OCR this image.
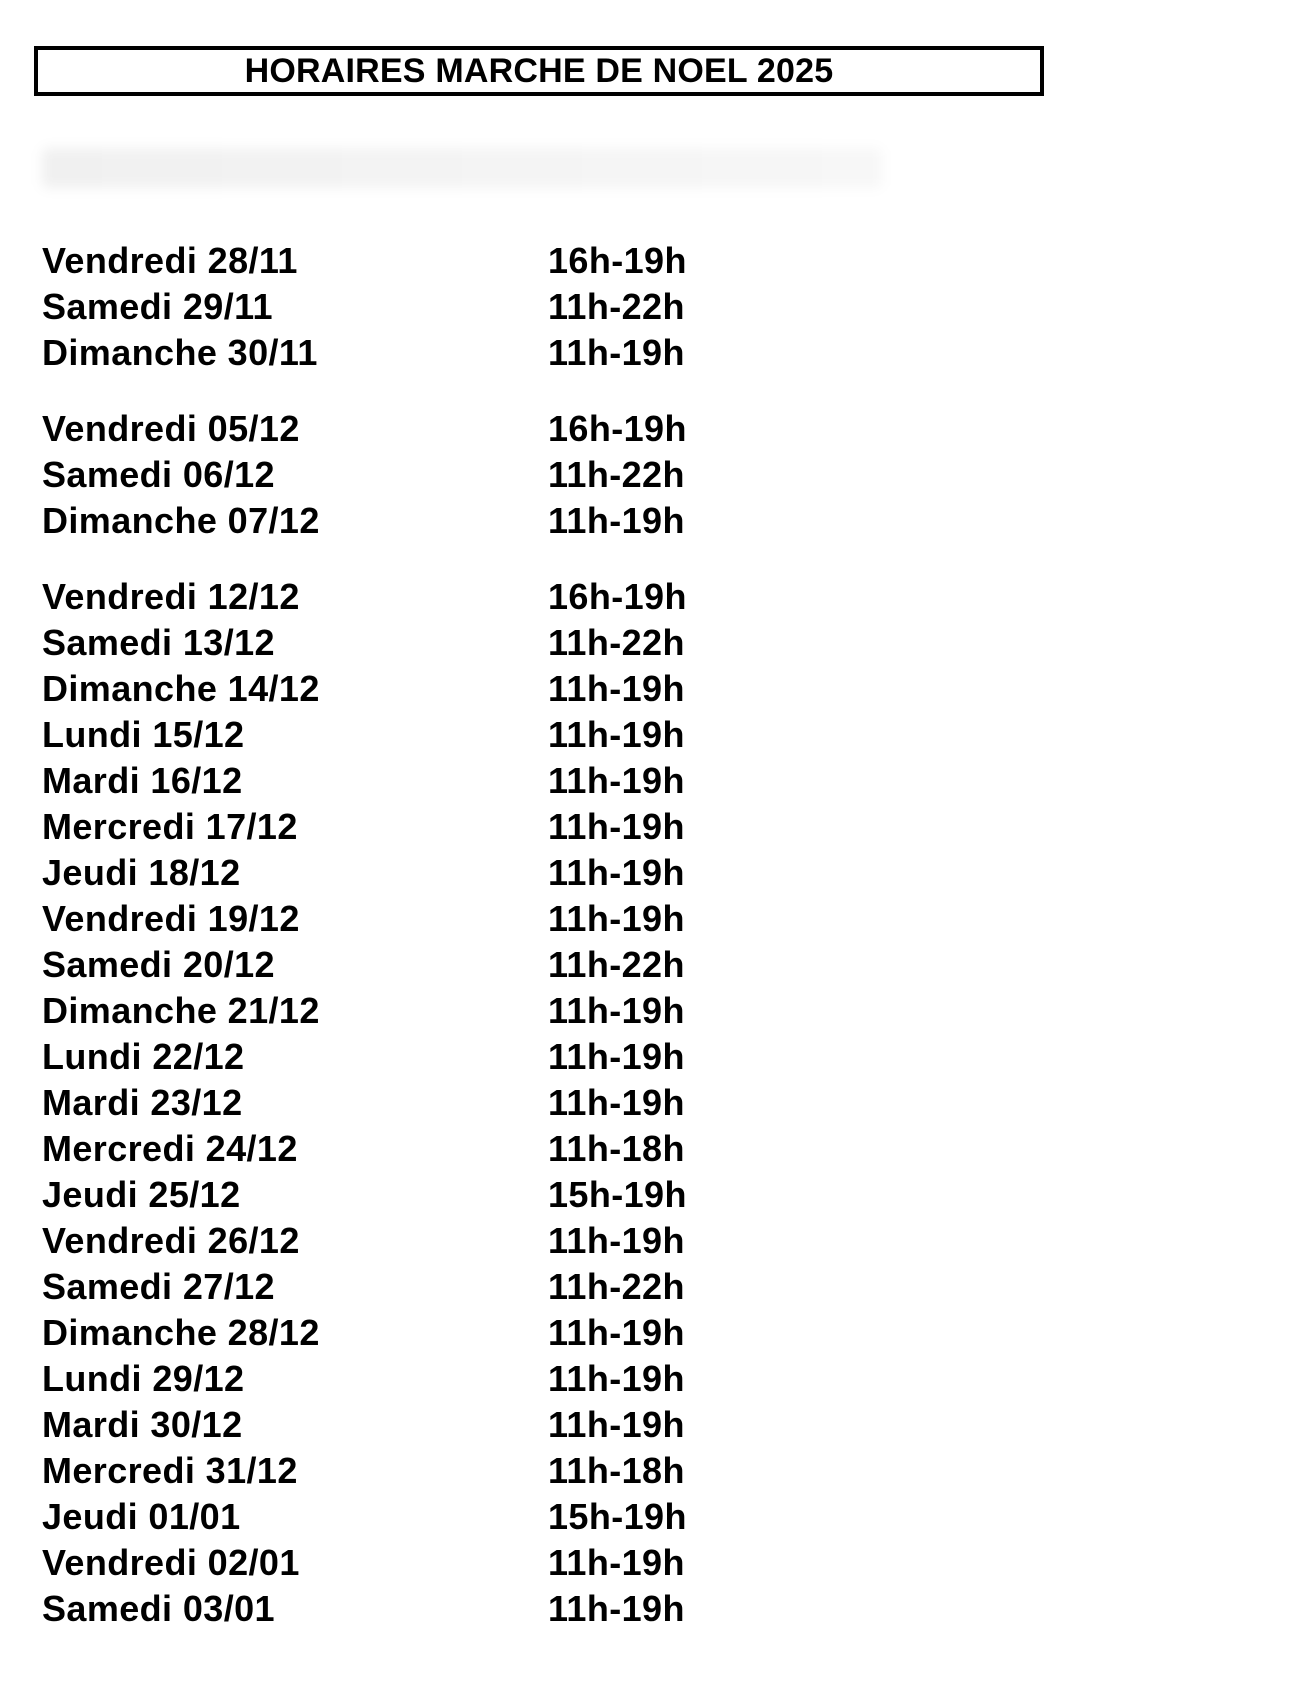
HORAIRES MARCHE DE NOEL 2025
Vendredi 28/11	16h-19h
Samedi 29/11	11h-22h
Dimanche 30/11	11h-19h
Vendredi 05/12	16h-19h
Samedi 06/12	11h-22h
Dimanche 07/12	11h-19h
Vendredi 12/12	16h-19h
Samedi 13/12	11h-22h
Dimanche 14/12	11h-19h
Lundi 15/12	11h-19h
Mardi 16/12	11h-19h
Mercredi 17/12	11h-19h
Jeudi 18/12	11h-19h
Vendredi 19/12	11h-19h
Samedi 20/12	11h-22h
Dimanche 21/12	11h-19h
Lundi 22/12	11h-19h
Mardi 23/12	11h-19h
Mercredi 24/12	11h-18h
Jeudi 25/12	15h-19h
Vendredi 26/12	11h-19h
Samedi 27/12	11h-22h
Dimanche 28/12	11h-19h
Lundi 29/12	11h-19h
Mardi 30/12	11h-19h
Mercredi 31/12	11h-18h
Jeudi 01/01	15h-19h
Vendredi 02/01	11h-19h
Samedi 03/01	11h-19h
